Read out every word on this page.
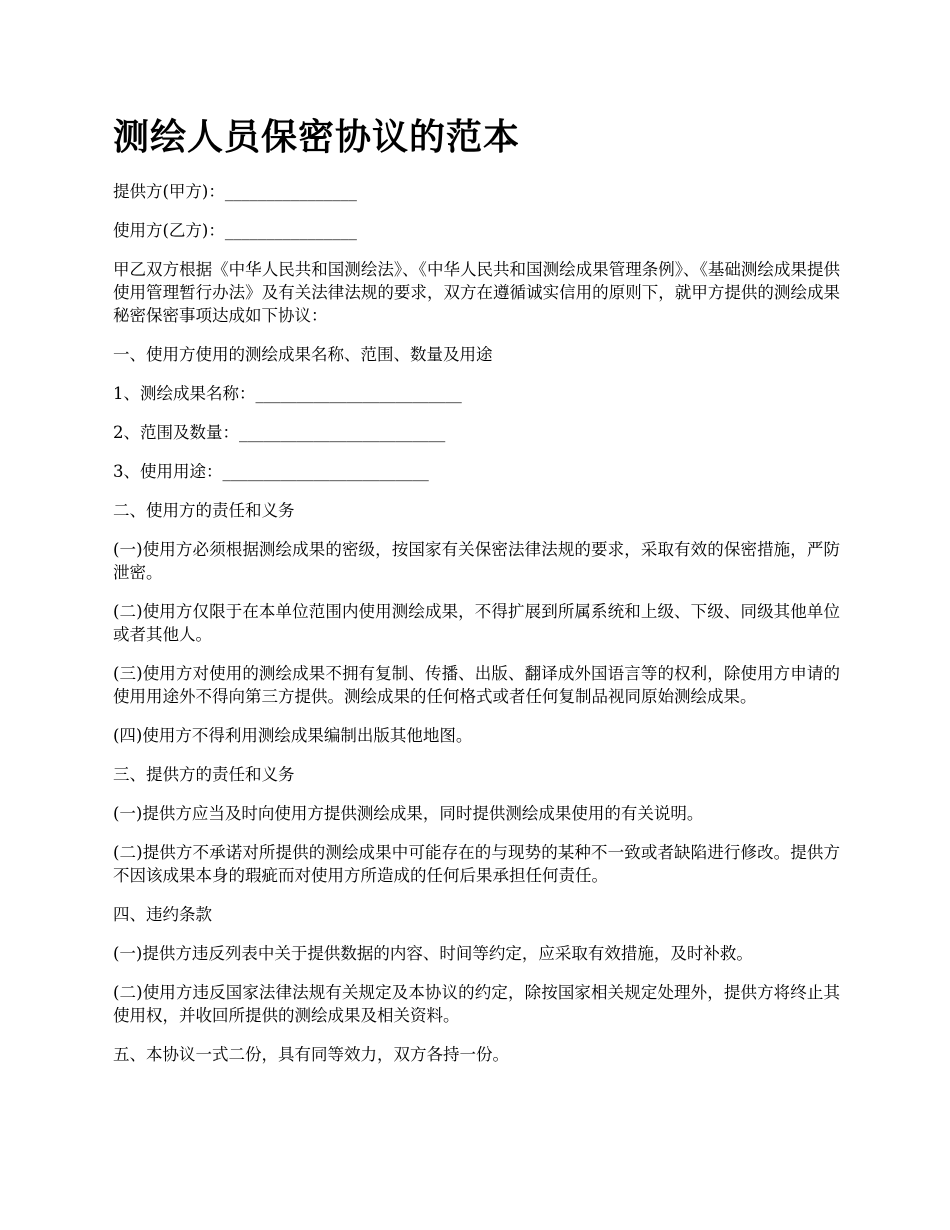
测绘人员保密协议的范本

提供方(甲方)：________________

使用方(乙方)：________________

甲乙双方根据《中华人民共和国测绘法》、《中华人民共和国测绘成果管理条例》、《基础测绘成果提供使用管理暂行办法》及有关法律法规的要求，双方在遵循诚实信用的原则下，就甲方提供的测绘成果秘密保密事项达成如下协议：

一、使用方使用的测绘成果名称、范围、数量及用途

1、测绘成果名称：_________________________

2、范围及数量：_________________________

3、使用用途：_________________________

二、使用方的责任和义务

(一)使用方必须根据测绘成果的密级，按国家有关保密法律法规的要求，采取有效的保密措施，严防泄密。

(二)使用方仅限于在本单位范围内使用测绘成果，不得扩展到所属系统和上级、下级、同级其他单位或者其他人。

(三)使用方对使用的测绘成果不拥有复制、传播、出版、翻译成外国语言等的权利，除使用方申请的使用用途外不得向第三方提供。测绘成果的任何格式或者任何复制品视同原始测绘成果。

(四)使用方不得利用测绘成果编制出版其他地图。

三、提供方的责任和义务

(一)提供方应当及时向使用方提供测绘成果，同时提供测绘成果使用的有关说明。

(二)提供方不承诺对所提供的测绘成果中可能存在的与现势的某种不一致或者缺陷进行修改。提供方不因该成果本身的瑕疵而对使用方所造成的任何后果承担任何责任。

四、违约条款

(一)提供方违反列表中关于提供数据的内容、时间等约定，应采取有效措施，及时补救。

(二)使用方违反国家法律法规有关规定及本协议的约定，除按国家相关规定处理外，提供方将终止其使用权，并收回所提供的测绘成果及相关资料。

五、本协议一式二份，具有同等效力，双方各持一份。
